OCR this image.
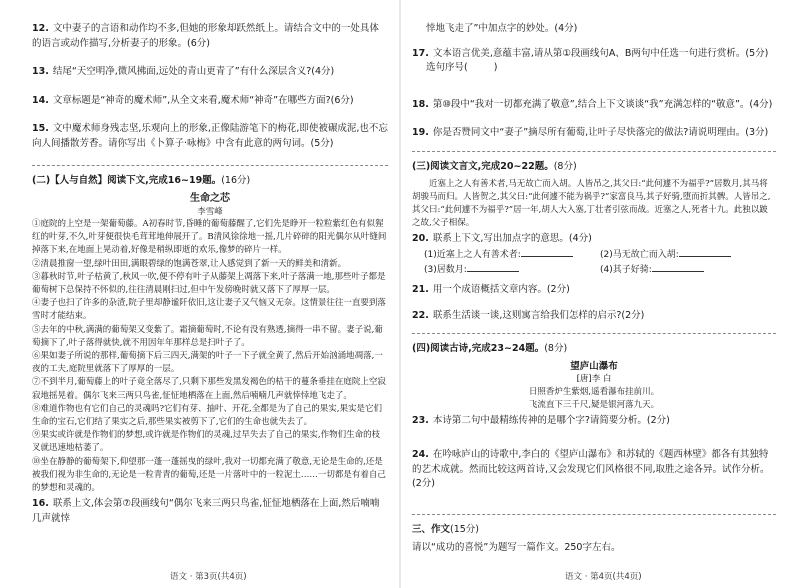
12. 文中妻子的言语和动作均不多,但她的形象却跃然纸上。请结合文中的一处具体的语言或动作描写,分析妻子的形象。(6分)
13. 结尾“天空明净,微风拂面,远处的青山更青了”有什么深层含义?(4分)
14. 文章标题是“神奇的魔术师”,从全文来看,魔术师“神奇”在哪些方面?(6分)
15. 文中魔术师身残志坚,乐观向上的形象,正像陆游笔下的梅花,即使被碾成泥,也不忘向人间播散芳香。请你写出《卜算子·咏梅》中含有此意的两句词。(5分)
(二)【人与自然】阅读下文,完成16~19题。(16分)
生命之芯
李雪峰

①庭院的上空是一架葡萄藤。A初春时节,昏睡的葡萄藤醒了,它们先是睁开一粒粒紫红色有似猩红的叶芽,不久,叶芽便很快毛茸茸地伸展开了。B清风徐徐地一摇,几片碎碎的阳光偶尔从叶缝间掉落下来,在地面上晃动着,好像是稍纵即逝的欢乐,像梦的碎片一样。

②清晨推窗一望,绿叶田田,满眼碧绿的饱满苍翠,让人感觉到了新一天的鲜美和清新。

③暮秋时节,叶子枯黄了,秋风一吹,便不停有叶子从藤架上凋落下来,叶子落满一地,那些叶子都是葡萄树下总保持不怀似的,往往清晨刚扫过,但中午发傍晚时就又落下了厚厚一层。

④妻子也扫了许多的杂渣,院子里却静谧阡依旧,这让妻子又气恼又无奈。这情景往往一直要到落雪时才能结束。

⑤去年的中秋,满满的葡萄架又变紫了。霜摘葡萄时,不论有没有熟透,摘得一串不留。妻子说,葡萄摘下了,叶子落得就快,就不用因年年那样总是扫叶子了。

⑥果如妻子所说的那样,葡萄摘下后三四天,满架的叶子一下子就全黄了,然后开始汹涌地凋落,一夜的工夫,庭院里就落下了厚厚的一层。

⑦不到半月,葡萄藤上的叶子竟全落尽了,只剩下那些发黑发褐色的枯干的蔓条垂挂在庭院上空寂寂地摇晃着。偶尔飞来三两只鸟雀,怔怔地栖落在上面,然后喃喃几声就悻悻地飞走了。

⑧难道作物也有它们自己的灵魂吗?它们有芽、抽叶、开花,全都是为了自己的果实,果实是它们生命的宝石,它们结了果实之后,那些果实被剪下了,它们的生命也就失去了。

⑨果实或许就是作物们的梦想,或许就是作物们的灵魂,过早失去了自己的果实,作物们生命的枝叉就迅速地枯萎了。

⑩坐在静静的葡萄架下,仰望那一蓬一蓬摇曳的绿叶,我对一切都充满了敬意,无论是生命的,还是被我们视为非生命的,无论是一粒青青的葡萄,还是一片落叶中的一粒泥土……一切都是有着自己的梦想和灵魂的。

16. 联系上文,体会第⑦段画线句“偶尔飞来三两只鸟雀,怔怔地栖落在上面,然后喃喃几声就悻
语文 · 第3页(共4页)
悻地飞走了”中加点字的妙处。(4分)
17. 文本语言优美,意蕴丰富,请从第①段画线句A、B两句中任选一句进行赏析。(5分)
选句序号(	)
18. 第⑩段中“我对一切都充满了敬意”,结合上下文谈谈“我”充满怎样的“敬意”。(4分)
19. 你是否赞同文中“妻子”摘尽所有葡萄,让叶子尽快落完的做法?请说明理由。(3分)
(三)阅读文言文,完成20~22题。(8分)
近塞上之人有善术者,马无故亡而入胡。人皆吊之,其父曰:“此何遽不为福乎?”居数月,其马将胡骏马而归。人皆贺之,其父曰:“此何遽不能为祸乎?”家富良马,其子好骑,堕而折其髀。人皆吊之,其父曰:“此何遽不为福乎?”居一年,胡人大入塞,丁壮者引弦而战。近塞之人,死者十九。此独以跛之故,父子相保。
20. 联系上下文,写出加点字的意思。(4分)
(1)近塞上之人有善术者:	(2)马无故亡而入胡:
(3)居数月:	(4)其子好骑:
21. 用一个成语概括文章内容。(2分)
22. 联系生活谈一谈,这则寓言给我们怎样的启示?(2分)
(四)阅读古诗,完成23~24题。(8分)
望庐山瀑布
[唐]李 白
日照香炉生紫烟,遥看瀑布挂前川。
飞流直下三千尺,疑是银河落九天。
23. 本诗第二句中最精练传神的是哪个字?请简要分析。(2分)
24. 在吟咏庐山的诗歌中,李白的《望庐山瀑布》和苏轼的《题西林壁》都各有其独特的艺术成就。然而比较这两首诗,又会发现它们风格很不同,取胜之途各异。试作分析。(2分)
三、作文(15分)
请以“成功的喜悦”为题写一篇作文。250字左右。
语文 · 第4页(共4页)
